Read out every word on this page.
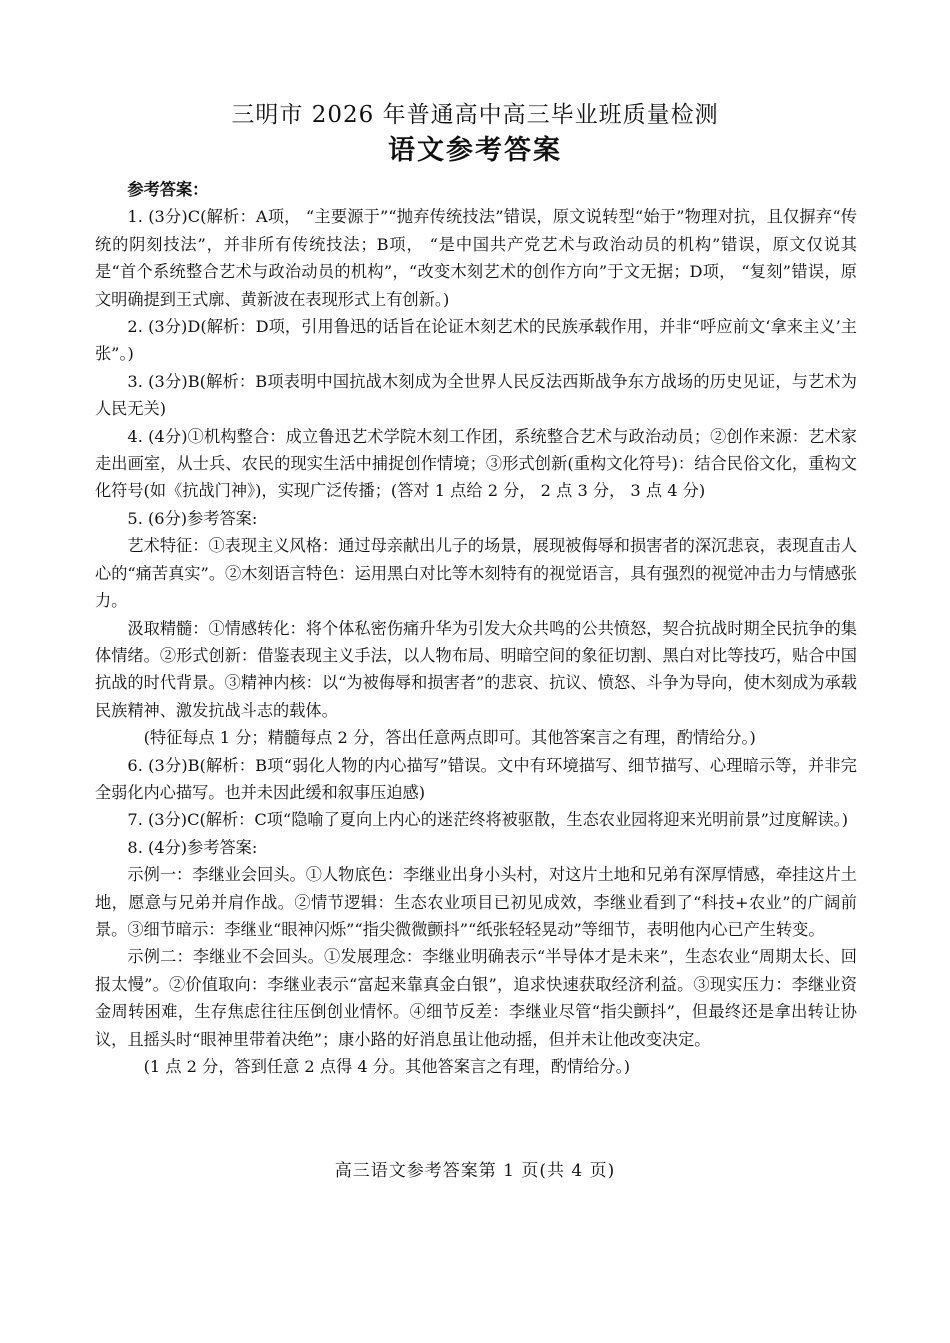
三明市 2026 年普通高中高三毕业班质量检测
语文参考答案

参考答案：

1. (3分)C(解析：A项， “主要源于”“抛弃传统技法”错误，原文说转型“始于”物理对抗，且仅摒弃“传统的阴刻技法”，并非所有传统技法；B项， “是中国共产党艺术与政治动员的机构”错误，原文仅说其是“首个系统整合艺术与政治动员的机构”，“改变木刻艺术的创作方向”于文无据；D项， “复刻”错误，原文明确提到王式廓、黄新波在表现形式上有创新。)

2. (3分)D(解析：D项，引用鲁迅的话旨在论证木刻艺术的民族承载作用，并非“呼应前文‘拿来主义’主张”。)

3. (3分)B(解析：B项表明中国抗战木刻成为全世界人民反法西斯战争东方战场的历史见证，与艺术为人民无关)

4. (4分)①机构整合：成立鲁迅艺术学院木刻工作团，系统整合艺术与政治动员；②创作来源：艺术家走出画室，从士兵、农民的现实生活中捕捉创作情境；③形式创新(重构文化符号)：结合民俗文化，重构文化符号(如《抗战门神》)，实现广泛传播；(答对 1 点给 2 分， 2 点 3 分， 3 点 4 分)

5. (6分)参考答案:

艺术特征：①表现主义风格：通过母亲献出儿子的场景，展现被侮辱和损害者的深沉悲哀，表现直击人心的“痛苦真实”。②木刻语言特色：运用黑白对比等木刻特有的视觉语言，具有强烈的视觉冲击力与情感张力。

汲取精髓：①情感转化：将个体私密伤痛升华为引发大众共鸣的公共愤怒，契合抗战时期全民抗争的集体情绪。②形式创新：借鉴表现主义手法，以人物布局、明暗空间的象征切割、黑白对比等技巧，贴合中国抗战的时代背景。③精神内核：以“为被侮辱和损害者”的悲哀、抗议、愤怒、斗争为导向，使木刻成为承载民族精神、激发抗战斗志的载体。

(特征每点 1 分；精髓每点 2 分，答出任意两点即可。其他答案言之有理，酌情给分。)

6. (3分)B(解析：B项“弱化人物的内心描写”错误。文中有环境描写、细节描写、心理暗示等，并非完全弱化内心描写。也并未因此缓和叙事压迫感)

7. (3分)C(解析：C项“隐喻了夏向上内心的迷茫终将被驱散，生态农业园将迎来光明前景”过度解读。)

8. (4分)参考答案:

示例一：李继业会回头。①人物底色：李继业出身小头村，对这片土地和兄弟有深厚情感，牵挂这片土地，愿意与兄弟并肩作战。②情节逻辑：生态农业项目已初见成效，李继业看到了“科技+农业”的广阔前景。③细节暗示：李继业“眼神闪烁”“指尖微微颤抖”“纸张轻轻晃动”等细节，表明他内心已产生转变。

示例二：李继业不会回头。①发展理念：李继业明确表示“半导体才是未来”，生态农业“周期太长、回报太慢”。②价值取向：李继业表示“富起来靠真金白银”，追求快速获取经济利益。③现实压力：李继业资金周转困难，生存焦虑往往压倒创业情怀。④细节反差：李继业尽管“指尖颤抖”，但最终还是拿出转让协议，且摇头时“眼神里带着决绝”；康小路的好消息虽让他动摇，但并未让他改变决定。

(1 点 2 分，答到任意 2 点得 4 分。其他答案言之有理，酌情给分。)

高三语文参考答案第 1 页(共 4 页)
